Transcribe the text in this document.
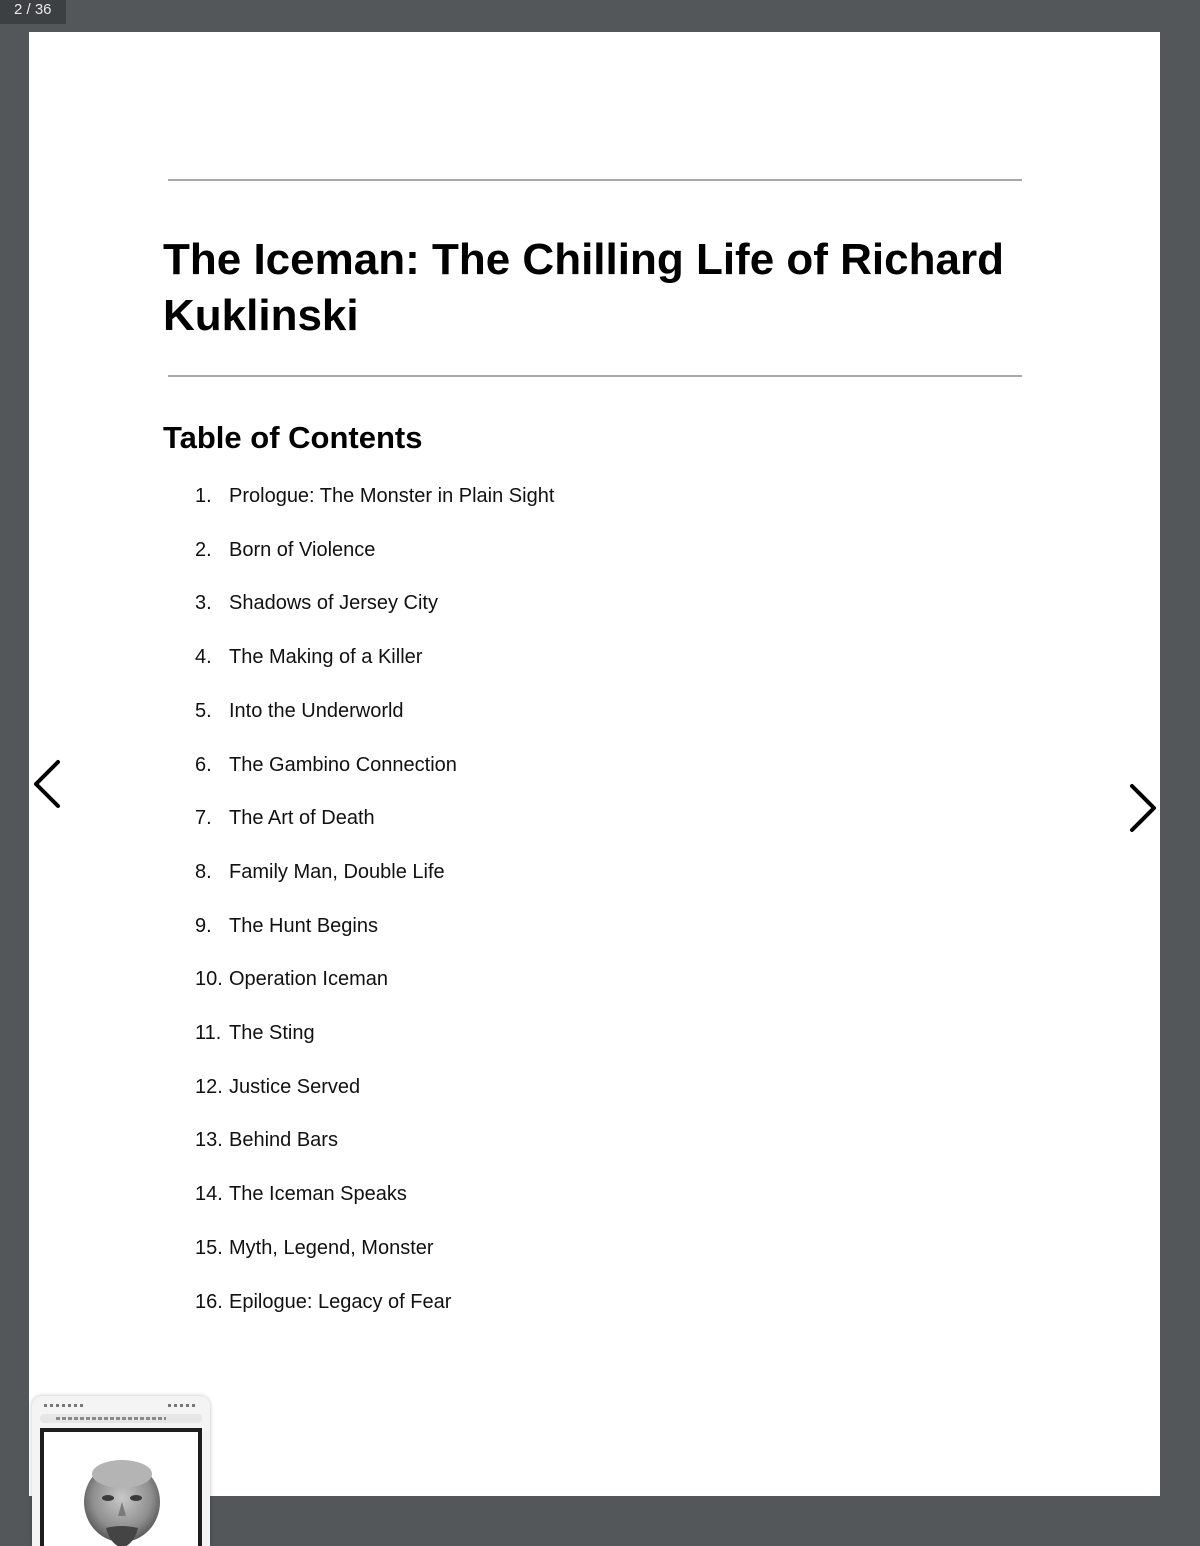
2 / 36
The Iceman: The Chilling Life of Richard Kuklinski
Table of Contents
1. Prologue: The Monster in Plain Sight
2. Born of Violence
3. Shadows of Jersey City
4. The Making of a Killer
5. Into the Underworld
6. The Gambino Connection
7. The Art of Death
8. Family Man, Double Life
9. The Hunt Begins
10. Operation Iceman
11. The Sting
12. Justice Served
13. Behind Bars
14. The Iceman Speaks
15. Myth, Legend, Monster
16. Epilogue: Legacy of Fear
